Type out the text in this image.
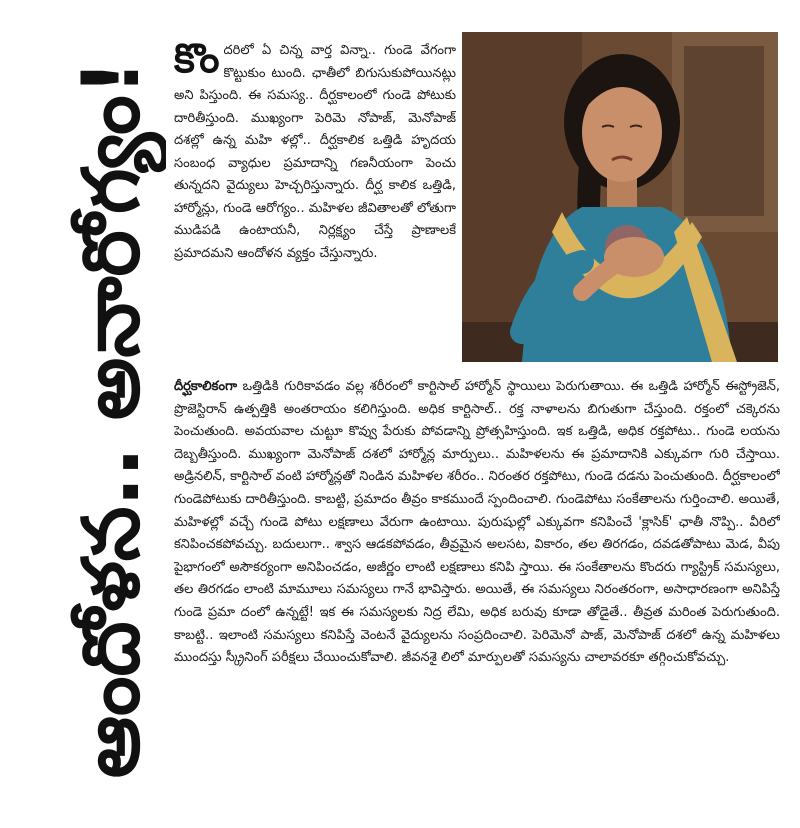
ఆందోళన.. అనారోగ్యం!
కొందరిలో ఏ చిన్న వార్త విన్నా.. గుండె వేగంగా కొట్టుకుం టుంది. ఛాతీలో బిగుసుకుపోయినట్లు అని పిస్తుంది. ఈ సమస్య.. దీర్ఘకాలంలో గుండె పోటుకు దారితీస్తుంది. ముఖ్యంగా పెరిమె నోపాజ్, మెనోపాజ్ దశల్లో ఉన్న మహి ళల్లో.. దీర్ఘకాలిక ఒత్తిడి హృదయ సంబంధ వ్యాధుల ప్రమాదాన్ని గణనీయంగా పెంచు తున్నదని వైద్యులు హెచ్చరిస్తున్నారు. దీర్ఘ కాలిక ఒత్తిడి, హార్మోన్లు, గుండె ఆరోగ్యం.. మహిళల జీవితాలతో లోతుగా ముడిపడి ఉంటాయనీ, నిర్లక్ష్యం చేస్తే ప్రాణాలకే ప్రమాదమని ఆందోళన వ్యక్తం చేస్తున్నారు.
దీర్ఘకాలికంగా ఒత్తిడికి గురికావడం వల్ల శరీరంలో కార్టిసాల్ హార్మోన్ స్థాయిలు పెరుగుతాయి. ఈ ఒత్తిడి హార్మోన్ ఈస్ట్రోజెన్, ప్రొజెస్టిరాన్ ఉత్పత్తికి అంతరాయం కలిగిస్తుంది. అధిక కార్టిసాల్.. రక్త నాళాలను బిగుతుగా చేస్తుంది. రక్తంలో చక్కెరను పెంచుతుంది. అవయవాల చుట్టూ కొవ్వు పేరుకు పోవడాన్ని ప్రోత్సహిస్తుంది. ఇక ఒత్తిడి, అధిక రక్తపోటు.. గుండె లయను దెబ్బతీస్తుంది. ముఖ్యంగా మెనోపాజ్ దశలో హార్మోన్ల మార్పులు.. మహిళలను ఈ ప్రమాదానికి ఎక్కువగా గురి చేస్తాయి. అడ్రినలిన్, కార్టిసాల్ వంటి హార్మోన్లతో నిండిన మహిళల శరీరం.. నిరంతర రక్తపోటు, గుండె దడను పెంచుతుంది. దీర్ఘకాలంలో గుండెపోటుకు దారితీస్తుంది. కాబట్టి, ప్రమాదం తీవ్రం కాకముందే స్పందించాలి. గుండెపోటు సంకేతాలను గుర్తించాలి. అయితే, మహిళల్లో వచ్చే గుండె పోటు లక్షణాలు వేరుగా ఉంటాయి. పురుషుల్లో ఎక్కువగా కనిపించే 'క్లాసిక్' ఛాతీ నొప్పి.. వీరిలో కనిపించకపోవచ్చు. బదులుగా.. శ్వాస ఆడకపోవడం, తీవ్రమైన అలసట, వికారం, తల తిరగడం, దవడతోపాటు మెడ, వీపు పైభాగంలో అసౌకర్యంగా అనిపించడం, అజీర్ణం లాంటి లక్షణాలు కనిపి స్తాయి. ఈ సంకేతాలను కొందరు గ్యాస్ట్రిక్ సమస్యలు, తల తిరగడం లాంటి మామూలు సమస్యలు గానే భావిస్తారు. అయితే, ఈ సమస్యలు నిరంతరంగా, అసాధారణంగా అనిపిస్తే గుండె ప్రమా దంలో ఉన్నట్టే! ఇక ఈ సమస్యలకు నిద్ర లేమి, అధిక బరువు కూడా తోడైతే.. తీవ్రత మరింత పెరుగుతుంది. కాబట్టి.. ఇలాంటి సమస్యలు కనిపిస్తే వెంటనే వైద్యులను సంప్రదించాలి. పెరిమెనో పాజ్, మెనోపాజ్ దశలో ఉన్న మహిళలు ముందస్తు స్క్రీనింగ్ పరీక్షలు చేయించుకోవాలి. జీవనశై లిలో మార్పులతో సమస్యను చాలావరకూ తగ్గించుకోవచ్చు.
